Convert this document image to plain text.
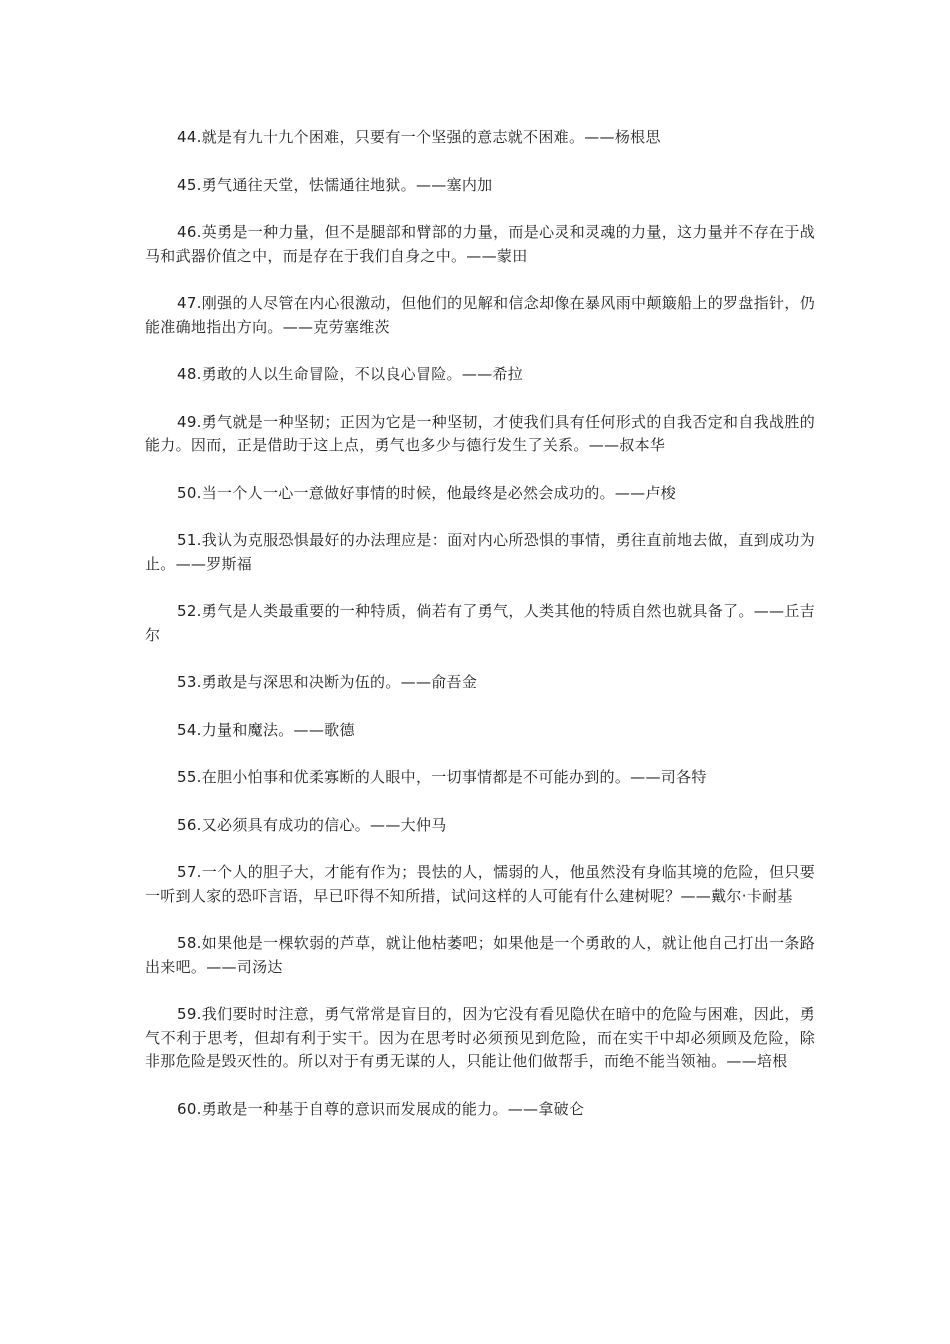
44.就是有九十九个困难，只要有一个坚强的意志就不困难。——杨根思

45.勇气通往天堂，怯懦通往地狱。——塞内加

46.英勇是一种力量，但不是腿部和臂部的力量，而是心灵和灵魂的力量，这力量并不存在于战马和武器价值之中，而是存在于我们自身之中。——蒙田

47.刚强的人尽管在内心很激动，但他们的见解和信念却像在暴风雨中颠簸船上的罗盘指针，仍能准确地指出方向。——克劳塞维茨

48.勇敢的人以生命冒险，不以良心冒险。——希拉

49.勇气就是一种坚韧；正因为它是一种坚韧，才使我们具有任何形式的自我否定和自我战胜的能力。因而，正是借助于这上点，勇气也多少与德行发生了关系。——叔本华

50.当一个人一心一意做好事情的时候，他最终是必然会成功的。——卢梭

51.我认为克服恐惧最好的办法理应是：面对内心所恐惧的事情，勇往直前地去做，直到成功为止。——罗斯福

52.勇气是人类最重要的一种特质，倘若有了勇气，人类其他的特质自然也就具备了。——丘吉尔

53.勇敢是与深思和决断为伍的。——俞吾金

54.力量和魔法。——歌德

55.在胆小怕事和优柔寡断的人眼中，一切事情都是不可能办到的。——司各特

56.又必须具有成功的信心。——大仲马

57.一个人的胆子大，才能有作为；畏怯的人，懦弱的人，他虽然没有身临其境的危险，但只要一听到人家的恐吓言语，早已吓得不知所措，试问这样的人可能有什么建树呢？——戴尔·卡耐基

58.如果他是一棵软弱的芦草，就让他枯萎吧；如果他是一个勇敢的人，就让他自己打出一条路出来吧。——司汤达

59.我们要时时注意，勇气常常是盲目的，因为它没有看见隐伏在暗中的危险与困难，因此，勇气不利于思考，但却有利于实干。因为在思考时必须预见到危险，而在实干中却必须顾及危险，除非那危险是毁灭性的。所以对于有勇无谋的人，只能让他们做帮手，而绝不能当领袖。——培根

60.勇敢是一种基于自尊的意识而发展成的能力。——拿破仑
